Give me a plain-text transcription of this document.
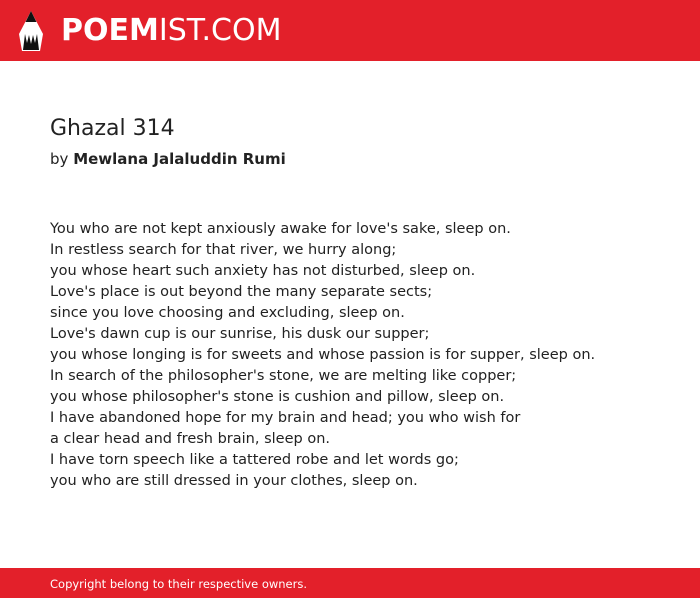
POEMIST.COM
Ghazal 314
by Mewlana Jalaluddin Rumi
You who are not kept anxiously awake for love's sake, sleep on.
In restless search for that river, we hurry along;
you whose heart such anxiety has not disturbed, sleep on.
Love's place is out beyond the many separate sects;
since you love choosing and excluding, sleep on.
Love's dawn cup is our sunrise, his dusk our supper;
you whose longing is for sweets and whose passion is for supper, sleep on.
In search of the philosopher's stone, we are melting like copper;
you whose philosopher's stone is cushion and pillow, sleep on.
I have abandoned hope for my brain and head; you who wish for
a clear head and fresh brain, sleep on.
I have torn speech like a tattered robe and let words go;
you who are still dressed in your clothes, sleep on.
Copyright belong to their respective owners.
